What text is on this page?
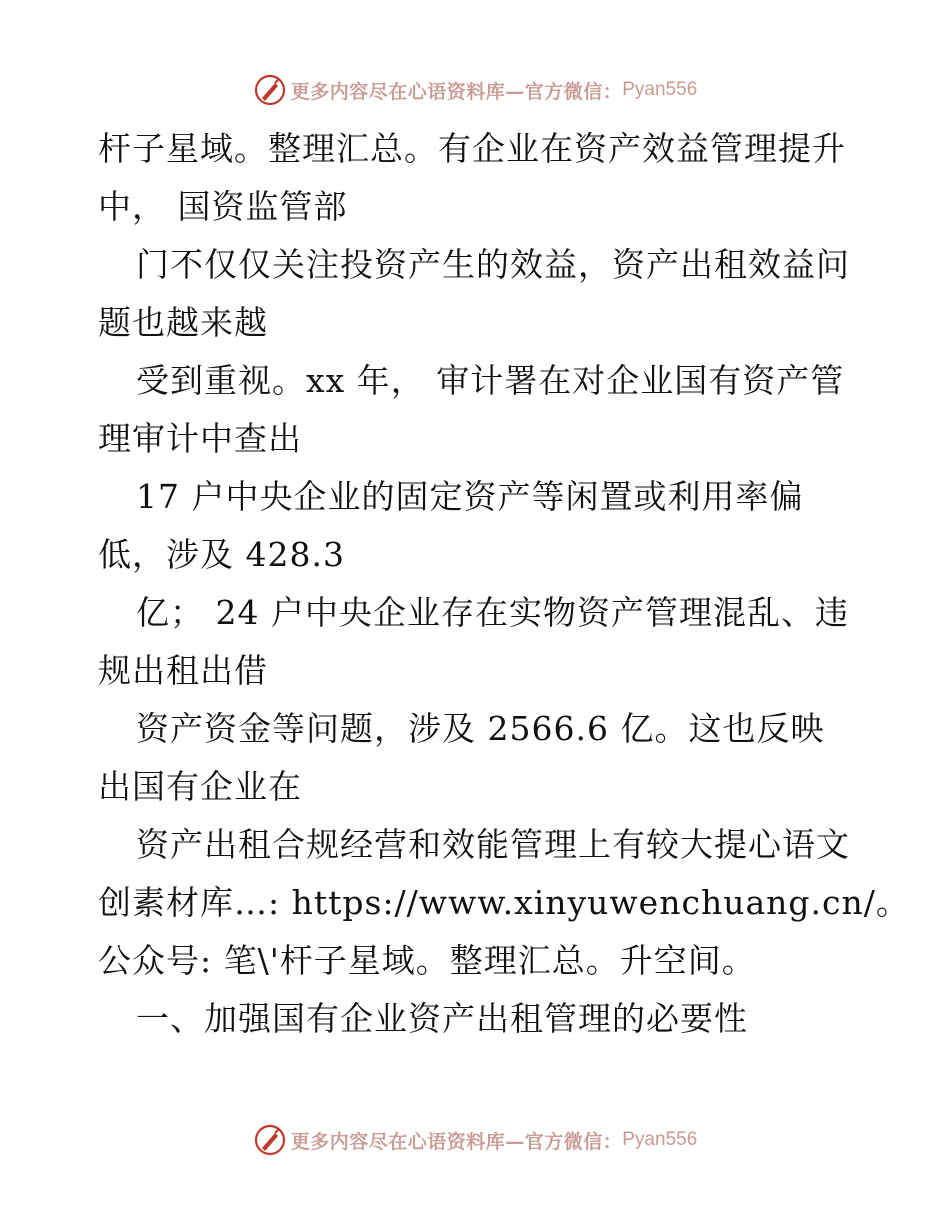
更多内容尽在心语资料库—官方微信： Pyan556

杆子星域。整理汇总。有企业在资产效益管理提升

中， 国资监管部

门不仅仅关注投资产生的效益，资产出租效益问

题也越来越

受到重视。xx 年， 审计署在对企业国有资产管

理审计中查出

17 户中央企业的固定资产等闲置或利用率偏

低，涉及 428.3

亿； 24 户中央企业存在实物资产管理混乱、违

规出租出借

资产资金等问题，涉及 2566.6 亿。这也反映

出国有企业在

资产出租合规经营和效能管理上有较大提心语文

创素材库…: https://www.xinyuwenchuang.cn/。

公众号: 笔\'杆子星域。整理汇总。升空间。

一、加强国有企业资产出租管理的必要性

更多内容尽在心语资料库—官方微信： Pyan556
